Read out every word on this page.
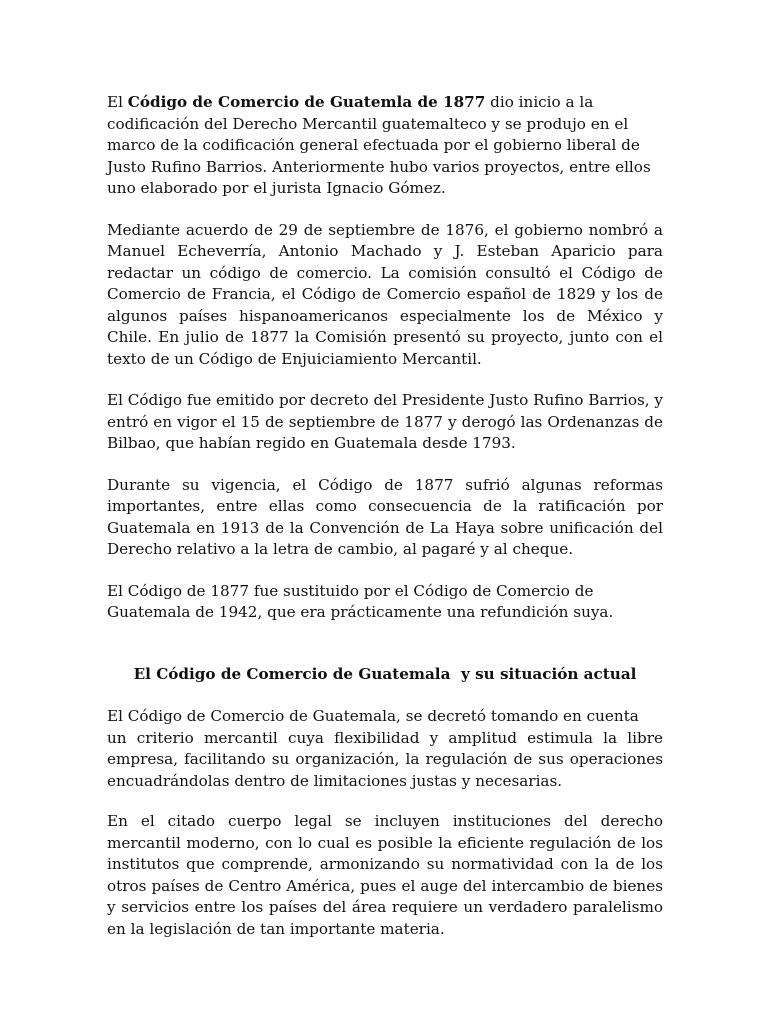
El Código de Comercio de Guatemla de 1877 dio inicio a la codificación del Derecho Mercantil guatemalteco y se produjo en el marco de la codificación general efectuada por el gobierno liberal de Justo Rufino Barrios. Anteriormente hubo varios proyectos, entre ellos uno elaborado por el jurista Ignacio Gómez.

Mediante acuerdo de 29 de septiembre de 1876, el gobierno nombró a Manuel Echeverría, Antonio Machado y J. Esteban Aparicio para redactar un código de comercio. La comisión consultó el Código de Comercio de Francia, el Código de Comercio español de 1829 y los de algunos países hispanoamericanos especialmente los de México y Chile. En julio de 1877 la Comisión presentó su proyecto, junto con el texto de un Código de Enjuiciamiento Mercantil.

El Código fue emitido por decreto del Presidente Justo Rufino Barrios, y entró en vigor el 15 de septiembre de 1877 y derogó las Ordenanzas de Bilbao, que habían regido en Guatemala desde 1793.

Durante su vigencia, el Código de 1877 sufrió algunas reformas importantes, entre ellas como consecuencia de la ratificación por Guatemala en 1913 de la Convención de La Haya sobre unificación del Derecho relativo a la letra de cambio, al pagaré y al cheque.

El Código de 1877 fue sustituido por el Código de Comercio de Guatemala de 1942, que era prácticamente una refundición suya.

El Código de Comercio de Guatemala  y su situación actual

El Código de Comercio de Guatemala, se decretó tomando en cuenta
un criterio mercantil cuya flexibilidad y amplitud estimula la libre empresa, facilitando su organización, la regulación de sus operaciones encuadrándolas dentro de limitaciones justas y necesarias.

En el citado cuerpo legal se incluyen instituciones del derecho mercantil moderno, con lo cual es posible la eficiente regulación de los institutos que comprende, armonizando su normatividad con la de los otros países de Centro América, pues el auge del intercambio de bienes y servicios entre los países del área requiere un verdadero paralelismo en la legislación de tan importante materia.
